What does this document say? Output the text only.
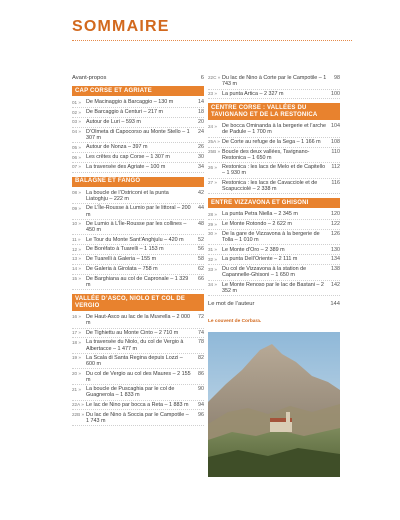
SOMMAIRE
Avant-propos	6
CAP CORSE ET AGRIATE
01 » De Macinaggio à Barcaggio – 130 m	14
02 » De Barcaggio à Centuri – 217 m	18
03 » Autour de Luri – 593 m	20
04 » D’Olmeta di Capocorso au Monte Stello – 1 307 m
24
05 » Autour de Nonza – 397 m	26
06 » Les crêtes du cap Corse – 1 307 m	30
07 » La traversée des Agriate – 100 m	34
BALAGNE ET FANGO
08 » La boucle de l’Ostriconi et la punta Liatoghju – 222 m
42
09 » De L’Île-Rousse à Lumio par le littoral – 200 m
44
10 » De Lumio à L’Île-Rousse par les collines – 450 m
48
11 » Le Tour du Monte Sant’Anghjulu – 420 m	52
12 » De Boréfato à Tuarelli – 1 153 m	56
13 » De Tuarelli à Galeria – 155 m	58
14 » De Galeria à Girolata – 758 m	62
15 » De Barghiana au col de Capronale – 1 329 m
66
VALLÉE D’ASCO, NIOLO ET COL DE VERGIO
16 » De Haut-Asco au lac de la Muvrella – 2 000 m
72
17 » De Tighiettu au Monte Cinto – 2 710 m	74
18 » La traversée du Niolo, du col de Vergio à Albertacce – 1 477 m
78
19 » La Scala di Santa Regina depuis Lozzi – 600 m
82
20 » Du col de Vergio au col des Maures – 2 155 m
86
21 » La boucle de Puscaghia par le col de Guagnerola – 1 833 m
90
22A » Le lac de Nino par bocca a Reta – 1 883 m	94
22B » Du lac de Nino à Soccia par le Campotile – 1 743 m
96
22C » Du lac de Nino à Corte par le Campotile – 1 743 m
98
23 » La punta Artica – 2 327 m	100
CENTRE CORSE : VALLÉES DU TAVIGNANO ET DE LA RESTONICA
24 » De bocca Ominanda à la bergerie et l’arche de Padule – 1 700 m
104
25A » De Corte au refuge de la Sega – 1 166 m	108
25B » Boucle des deux vallées, Tavignano-Restonica – 1 650 m
110
26 » Restonica : les lacs de Melo et de Capitello – 1 930 m
112
27 » Restonica : les lacs de Cavacciole et de Scapucciolé – 2 338 m
116
ENTRE VIZZAVONA ET GHISONI
28 » La punta Petra Niella – 2 345 m	120
29 » Le Monte Rotondo – 2 622 m	122
30 » De la gare de Vizzavona à la bergerie de Tolla – 1 010 m
126
31 » Le Monte d’Oro – 2 389 m	130
32 » La punta Dell’Oriente – 2 111 m	134
33 » Du col de Vizzavona à la station de Capannelle-Ghisoni – 1 650 m
138
34 » Le Monte Renoso par le lac de Bastani – 2 352 m
142
Le mot de l’auteur	144
Le couvent de Corbara.
